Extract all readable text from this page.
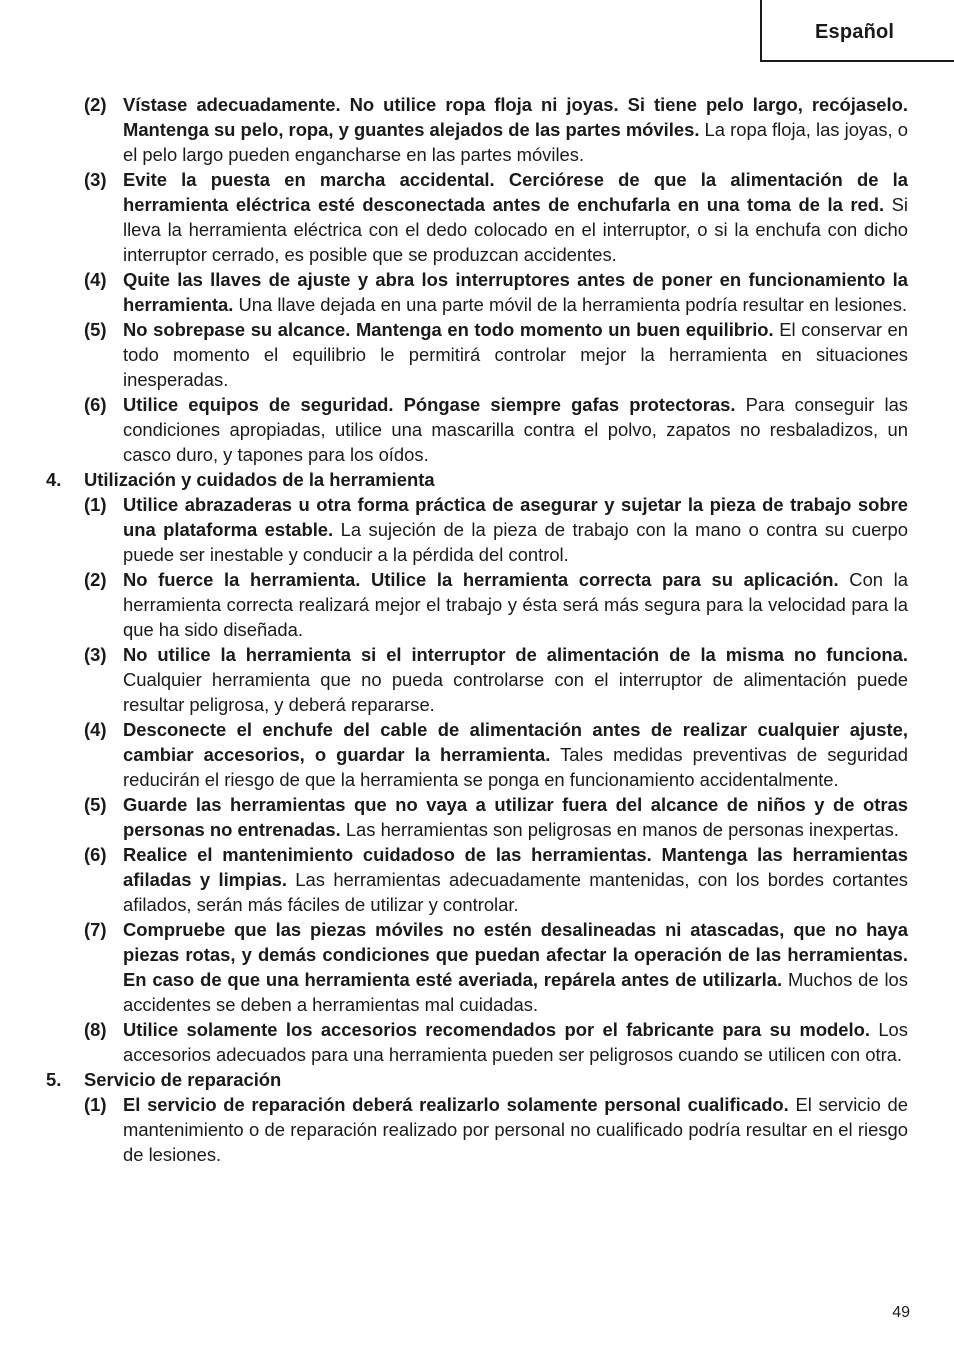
Español
(2) Vístase adecuadamente. No utilice ropa floja ni joyas. Si tiene pelo largo, recójaselo. Mantenga su pelo, ropa, y guantes alejados de las partes móviles. La ropa floja, las joyas, o el pelo largo pueden engancharse en las partes móviles.
(3) Evite la puesta en marcha accidental. Cerciórese de que la alimentación de la herramienta eléctrica esté desconectada antes de enchufarla en una toma de la red. Si lleva la herramienta eléctrica con el dedo colocado en el interruptor, o si la enchufa con dicho interruptor cerrado, es posible que se produzcan accidentes.
(4) Quite las llaves de ajuste y abra los interruptores antes de poner en funcionamiento la herramienta. Una llave dejada en una parte móvil de la herramienta podría resultar en lesiones.
(5) No sobrepase su alcance. Mantenga en todo momento un buen equilibrio. El conservar en todo momento el equilibrio le permitirá controlar mejor la herramienta en situaciones inesperadas.
(6) Utilice equipos de seguridad. Póngase siempre gafas protectoras. Para conseguir las condiciones apropiadas, utilice una mascarilla contra el polvo, zapatos no resbaladizos, un casco duro, y tapones para los oídos.
4. Utilización y cuidados de la herramienta
(1) Utilice abrazaderas u otra forma práctica de asegurar y sujetar la pieza de trabajo sobre una plataforma estable. La sujeción de la pieza de trabajo con la mano o contra su cuerpo puede ser inestable y conducir a la pérdida del control.
(2) No fuerce la herramienta. Utilice la herramienta correcta para su aplicación. Con la herramienta correcta realizará mejor el trabajo y ésta será más segura para la velocidad para la que ha sido diseñada.
(3) No utilice la herramienta si el interruptor de alimentación de la misma no funciona. Cualquier herramienta que no pueda controlarse con el interruptor de alimentación puede resultar peligrosa, y deberá repararse.
(4) Desconecte el enchufe del cable de alimentación antes de realizar cualquier ajuste, cambiar accesorios, o guardar la herramienta. Tales medidas preventivas de seguridad reducirán el riesgo de que la herramienta se ponga en funcionamiento accidentalmente.
(5) Guarde las herramientas que no vaya a utilizar fuera del alcance de niños y de otras personas no entrenadas. Las herramientas son peligrosas en manos de personas inexpertas.
(6) Realice el mantenimiento cuidadoso de las herramientas. Mantenga las herramientas afiladas y limpias. Las herramientas adecuadamente mantenidas, con los bordes cortantes afilados, serán más fáciles de utilizar y controlar.
(7) Compruebe que las piezas móviles no estén desalineadas ni atascadas, que no haya piezas rotas, y demás condiciones que puedan afectar la operación de las herramientas. En caso de que una herramienta esté averiada, repárela antes de utilizarla. Muchos de los accidentes se deben a herramientas mal cuidadas.
(8) Utilice solamente los accesorios recomendados por el fabricante para su modelo. Los accesorios adecuados para una herramienta pueden ser peligrosos cuando se utilicen con otra.
5. Servicio de reparación
(1) El servicio de reparación deberá realizarlo solamente personal cualificado. El servicio de mantenimiento o de reparación realizado por personal no cualificado podría resultar en el riesgo de lesiones.
49
